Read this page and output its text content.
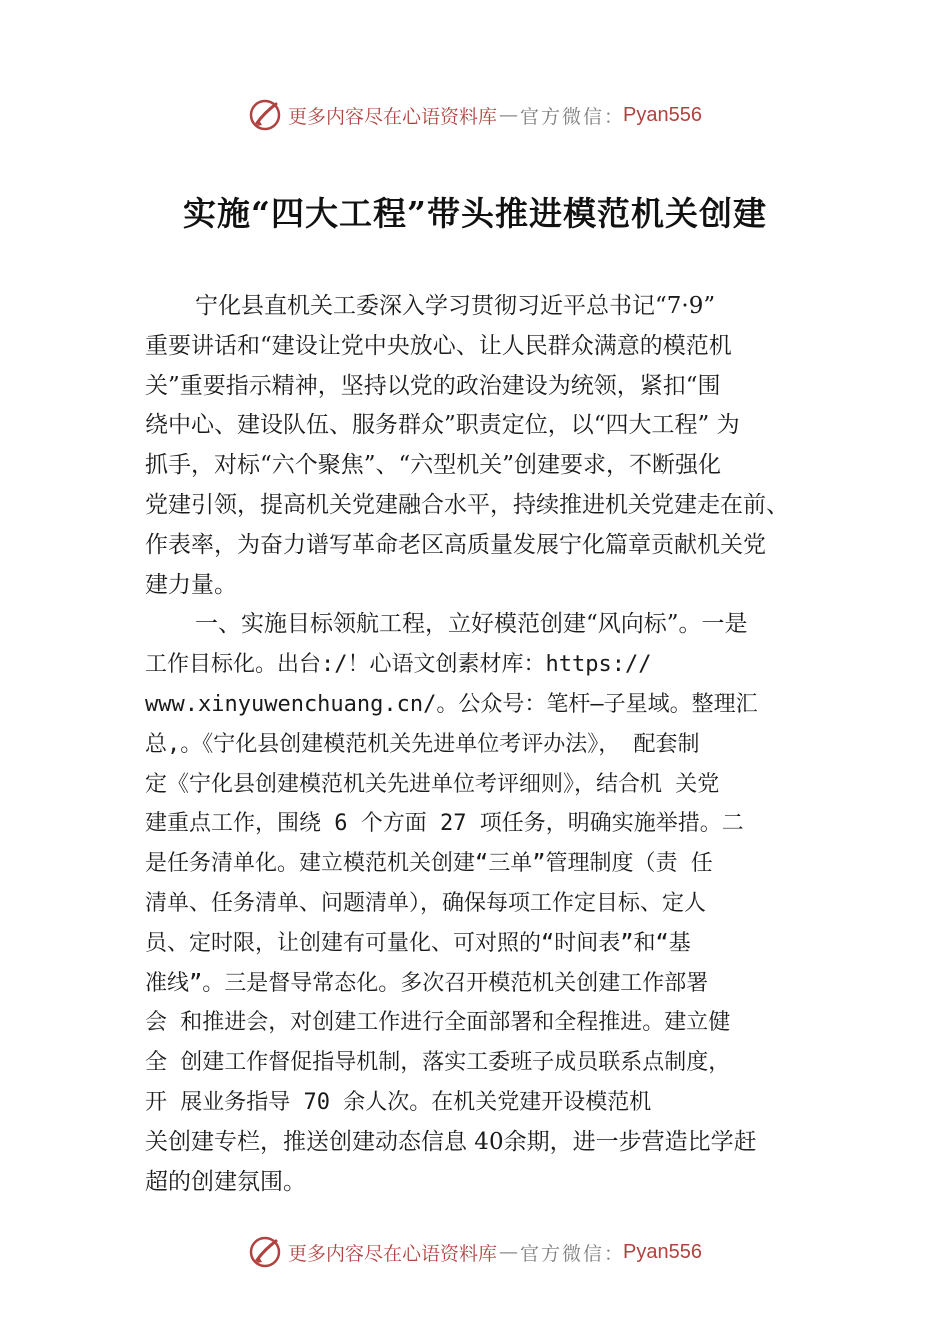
更多内容尽在心语资料库 — 官方微信 ： Pyan556
实施“四大工程”带头推进模范机关创建
宁化县直机关工委深入学习贯彻习近平总书记“7·9”
重要讲话和“建设让党中央放心、让人民群众满意的模范机
关”重要指示精神，坚持以党的政治建设为统领，紧扣“围
绕中心、建设队伍、服务群众”职责定位，以“四大工程” 为
抓手，对标“六个聚焦”、“六型机关”创建要求，不断强化
党建引领，提高机关党建融合水平，持续推进机关党建走在前、
作表率，为奋力谱写革命老区高质量发展宁化篇章贡献机关党
建力量。
一、实施目标领航工程，立好模范创建“风向标”。一是
工作目标化。出台:/！心语文创素材库：https://
www.xinyuwenchuang.cn/。公众号：笔杆—子星域。整理汇
总,。《宁化县创建模范机关先进单位考评办法》， 配套制
定《宁化县创建模范机关先进单位考评细则》，结合机 关党
建重点工作，围绕 6 个方面 27 项任务，明确实施举措。二
是任务清单化。建立模范机关创建“三单”管理制度（责 任
清单、任务清单、问题清单），确保每项工作定目标、定人
员、定时限，让创建有可量化、可对照的“时间表”和“基
准线”。三是督导常态化。多次召开模范机关创建工作部署
会 和推进会，对创建工作进行全面部署和全程推进。建立健
全 创建工作督促指导机制，落实工委班子成员联系点制度，
开 展业务指导 70 余人次。在机关党建开设模范机
关创建专栏，推送创建动态信息 40余期，进一步营造比学赶
超的创建氛围。
更多内容尽在心语资料库 — 官方微信 ： Pyan556
